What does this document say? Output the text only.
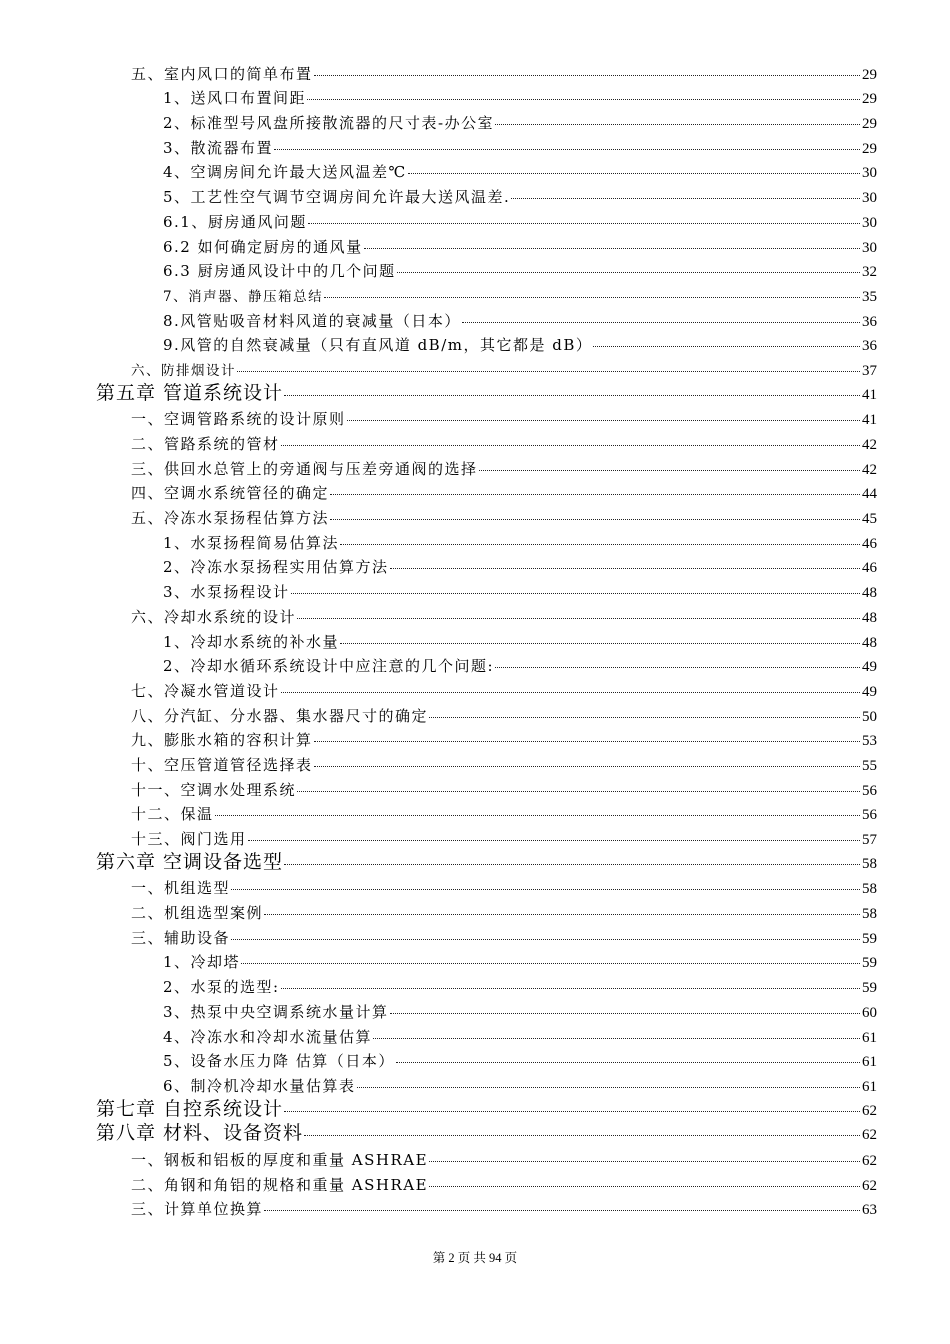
五、室内风口的简单布置	29
1、送风口布置间距	29
2、标准型号风盘所接散流器的尺寸表-办公室	29
3、散流器布置	29
4、空调房间允许最大送风温差℃	30
5、工艺性空气调节空调房间允许最大送风温差.	30
6.1、厨房通风问题	30
6.2 如何确定厨房的通风量	30
6.3 厨房通风设计中的几个问题	32
7、消声器、静压箱总结	35
8.风管贴吸音材料风道的衰减量（日本）	36
9.风管的自然衰减量（只有直风道 dB/m，其它都是 dB）	36
六、防排烟设计	37
第五章 管道系统设计	41
一、空调管路系统的设计原则	41
二、管路系统的管材	42
三、供回水总管上的旁通阀与压差旁通阀的选择	42
四、空调水系统管径的确定	44
五、冷冻水泵扬程估算方法	45
1、水泵扬程简易估算法	46
2、冷冻水泵扬程实用估算方法	46
3、水泵扬程设计	48
六、冷却水系统的设计	48
1、冷却水系统的补水量	48
2、冷却水循环系统设计中应注意的几个问题:	49
七、冷凝水管道设计	49
八、分汽缸、分水器、集水器尺寸的确定	50
九、膨胀水箱的容积计算	53
十、空压管道管径选择表	55
十一、空调水处理系统	56
十二、保温	56
十三、阀门选用	57
第六章 空调设备选型	58
一、机组选型	58
二、机组选型案例	58
三、辅助设备	59
1、冷却塔	59
2、水泵的选型:	59
3、热泵中央空调系统水量计算	60
4、冷冻水和冷却水流量估算	61
5、设备水压力降 估算（日本）	61
6、制冷机冷却水量估算表	61
第七章 自控系统设计	62
第八章 材料、设备资料	62
一、钢板和铝板的厚度和重量 ASHRAE	62
二、角钢和角铝的规格和重量 ASHRAE	62
三、计算单位换算	63
第 2 页 共 94 页
